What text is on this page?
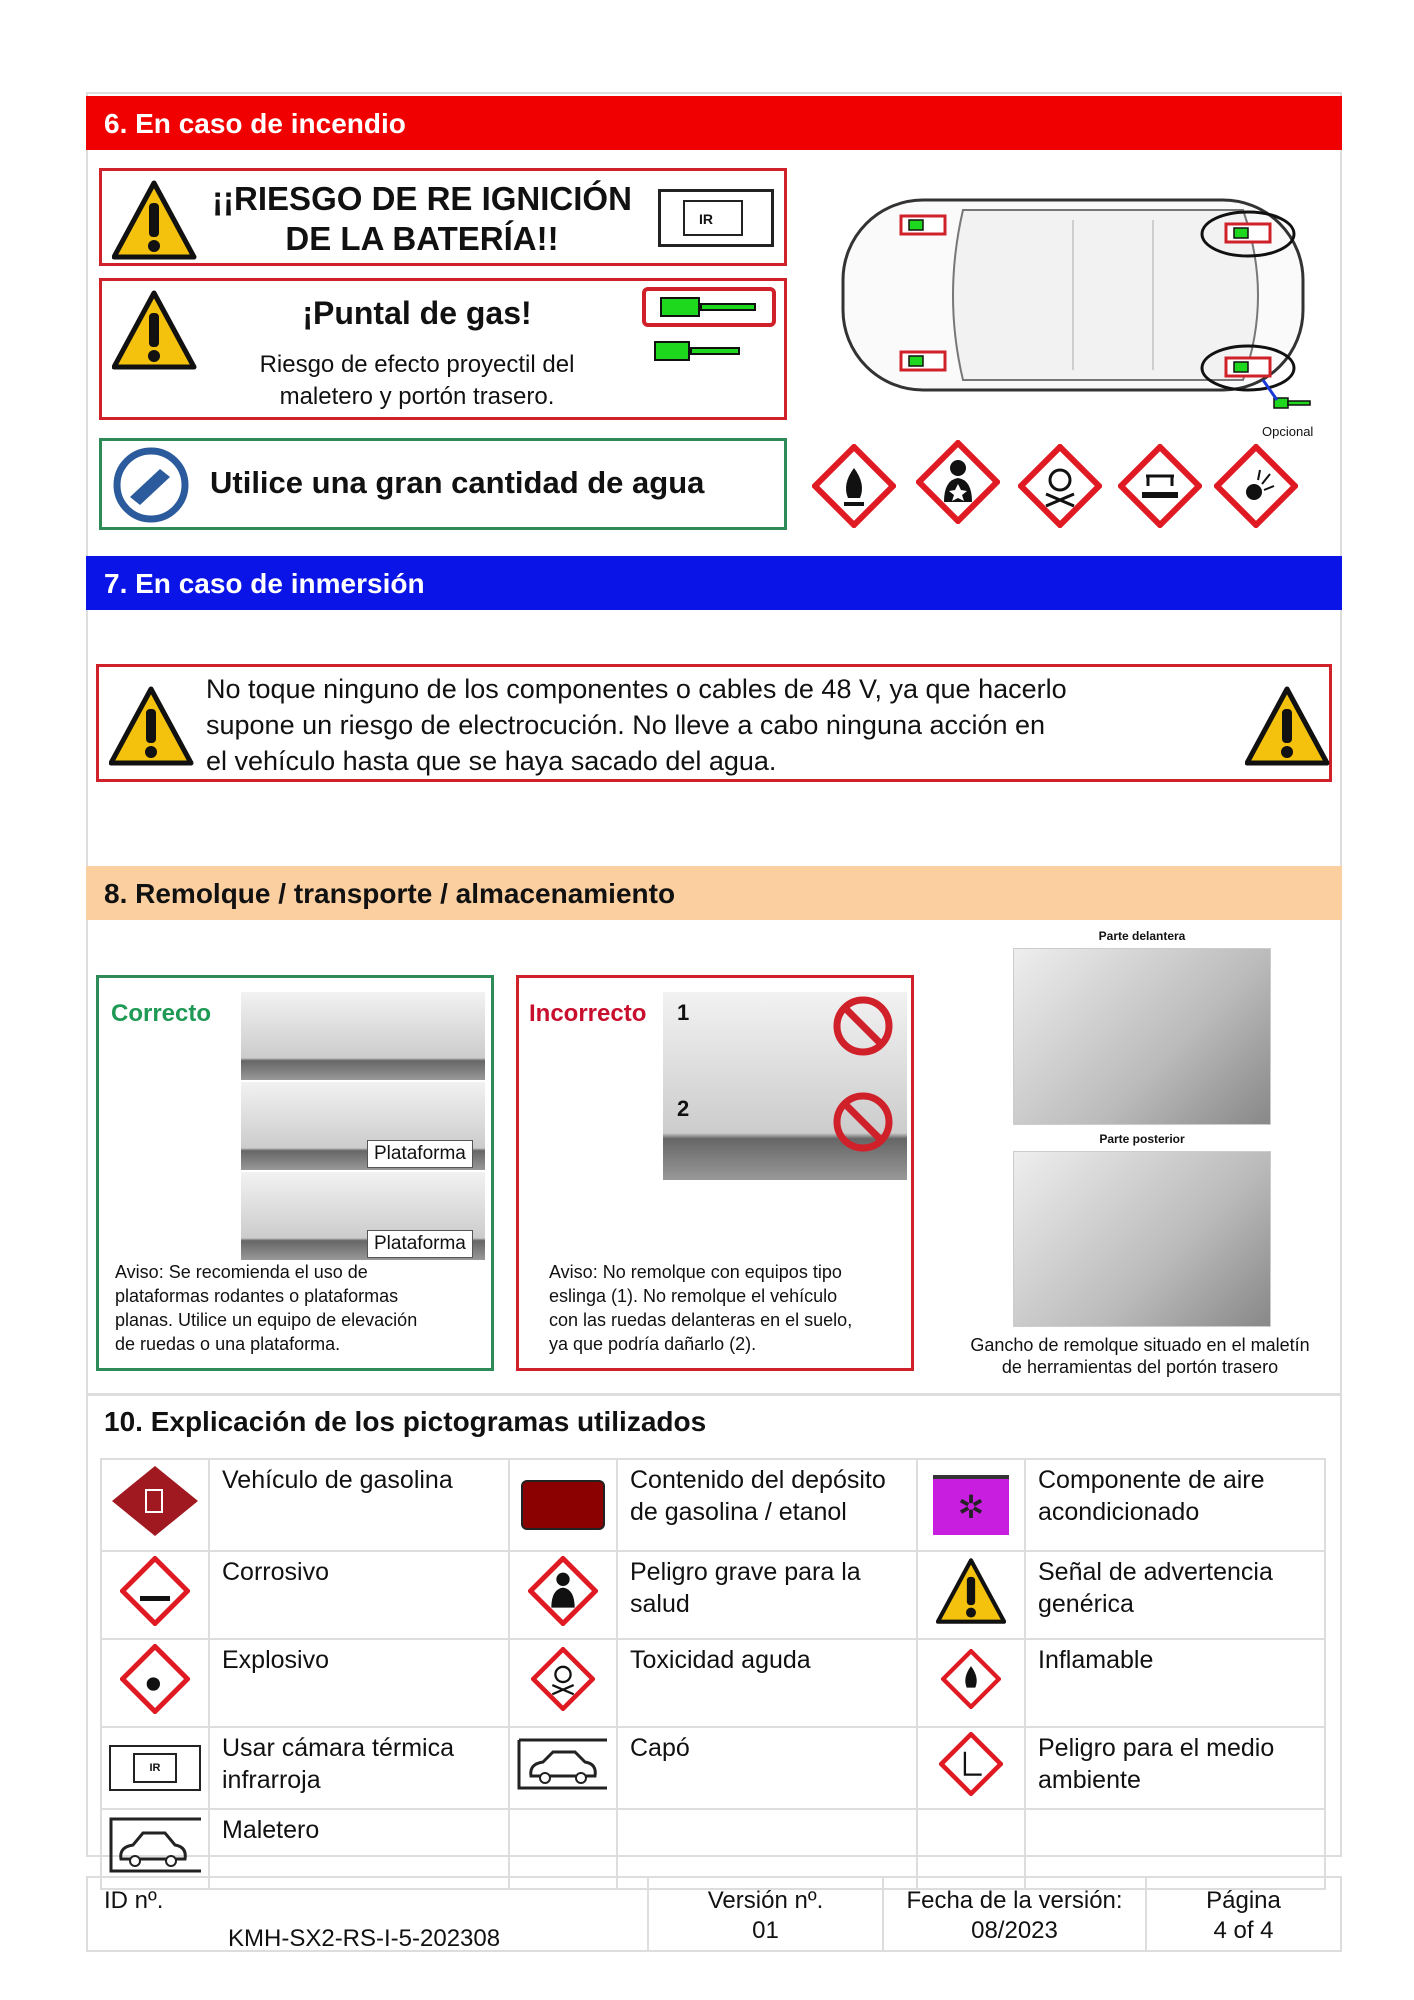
6. En caso de incendio
¡¡RIESGO DE RE IGNICIÓN
DE LA BATERÍA!!
IR
¡Puntal de gas!
Riesgo de efecto proyectil del
maletero y portón trasero.
Utilice una gran cantidad de agua
Opcional
7. En caso de inmersión
No toque ninguno de los componentes o cables de 48 V, ya que hacerlo
supone un riesgo de electrocución. No lleve a cabo ninguna acción en
el vehículo hasta que se haya sacado del agua.
8. Remolque / transporte / almacenamiento
Correcto
Plataforma
Plataforma
Aviso: Se recomienda el uso de
plataformas rodantes o plataformas
planas. Utilice un equipo de elevación
de ruedas o una plataforma.
Incorrecto 1
2
Aviso: No remolque con equipos tipo
eslinga (1). No remolque el vehículo
con las ruedas delanteras en el suelo,
ya que podría dañarlo (2).
Parte delantera
Parte posterior
Gancho de remolque situado en el maletín
de herramientas del portón trasero
10. Explicación de los pictogramas utilizados
	Vehículo de gasolina		Contenido del depósito de gasolina / etanol	✲	Componente de aire acondicionado
	Corrosivo		Peligro grave para la salud		Señal de advertencia genérica
	Explosivo		Toxicidad aguda		Inflamable

IR	Usar cámara térmica infrarroja		Capó		Peligro para el medio ambiente
	Maletero				
ID nº.
KMH-SX2-RS-I-5-202308
Versión nº.
01
Fecha de la versión:
08/2023
Página
4 of 4
